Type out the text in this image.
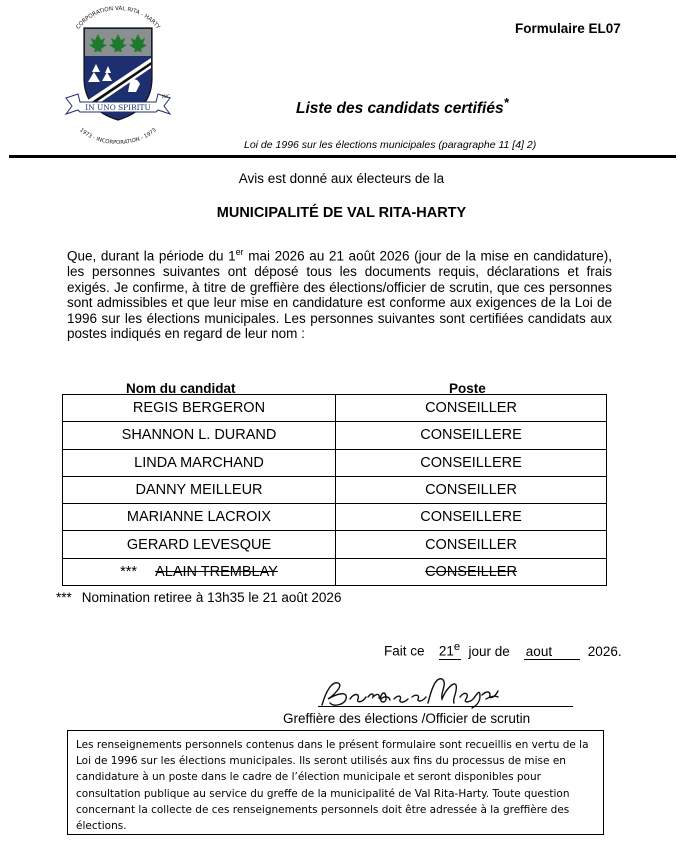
Formulaire EL07
CORPORATION VAL RITA - HARTY
IN UNO SPIRITU
INC.
1973 - INCORPORATION - 1973
Liste des candidats certifiés*
Loi de 1996 sur les élections municipales (paragraphe 11 [4] 2)
Avis est donné aux électeurs de la
MUNICIPALITÉ DE VAL RITA-HARTY
Que, durant la période du 1er mai 2026 au 21 août 2026 (jour de la mise en candidature), les personnes suivantes ont déposé tous les documents requis, déclarations et frais exigés. Je confirme, à titre de greffière des élections/officier de scrutin, que ces personnes sont admissibles et que leur mise en candidature est conforme aux exigences de la Loi de 1996 sur les élections municipales. Les personnes suivantes sont certifiées candidats aux postes indiqués en regard de leur nom :
Nom du candidat	Poste
REGIS BERGERON	CONSEILLER
SHANNON L. DURAND	CONSEILLERE
LINDA MARCHAND	CONSEILLERE
DANNY MEILLEUR	CONSEILLER
MARIANNE LACROIX	CONSEILLERE
GERARD LEVESQUE	CONSEILLER
*** ALAIN TREMBLAY	CONSEILLER
*** Nomination retiree à 13h35 le 21 août 2026
Fait ce 21e jour de aout	2026.
Greffière des élections /Officier de scrutin
Les renseignements personnels contenus dans le présent formulaire sont recueillis en vertu de la Loi de 1996 sur les élections municipales. Ils seront utilisés aux fins du processus de mise en candidature à un poste dans le cadre de l’élection municipale et seront disponibles pour consultation publique au service du greffe de la municipalité de Val Rita-Harty. Toute question concernant la collecte de ces renseignements personnels doit être adressée à la greffière des élections.
